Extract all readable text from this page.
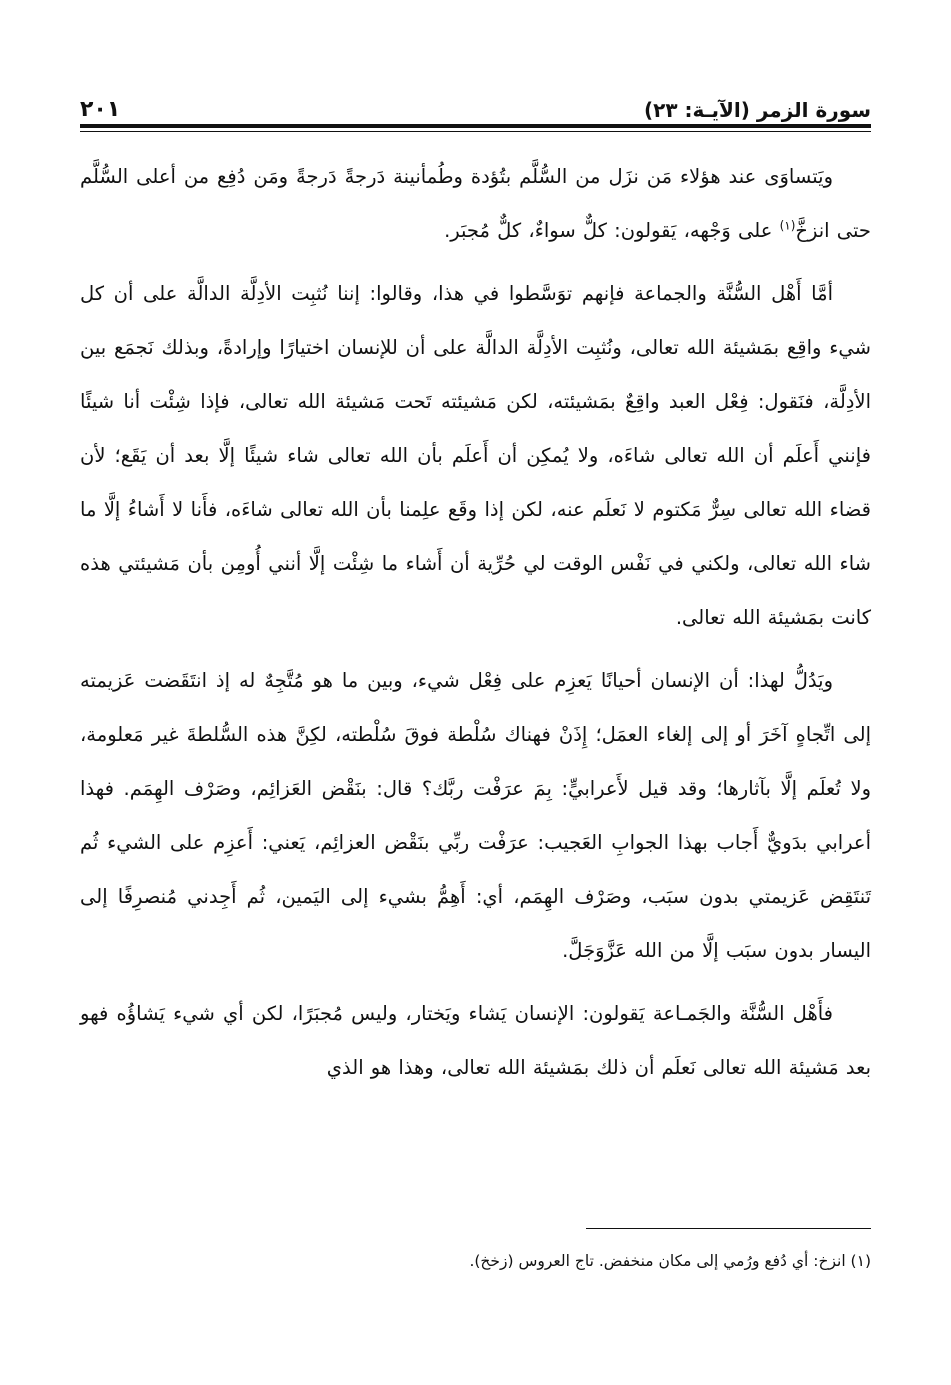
سورة الزمر (الآيـة: ٢٣)
٢٠١

ويَتساوَى عند هؤلاء مَن نزَل من السُّلَّم بتُؤدة وطُمأنينة دَرجةً دَرجةً ومَن دُفِع من أعلى السُّلَّم حتى انزخَّ$^{(١)}$ على وَجْهه، يَقولون: كلٌّ سواءٌ، كلٌّ مُجبَر.

أمَّا أَهْل السُّنَّة والجماعة فإنهم توَسَّطوا في هذا، وقالوا: إننا نُثبِت الأدِلَّة الدالَّة على أن كل شيء واقِع بمَشيئة الله تعالى، ونُثبِت الأدِلَّة الدالَّة على أن للإنسان اختيارًا وإرادةً، وبذلك نَجمَع بين الأدِلَّة، فنَقول: فِعْل العبد واقِعٌ بمَشيئته، لكن مَشيئته تَحت مَشيئة الله تعالى، فإذا شِئْت أنا شيئًا فإنني أَعلَم أن الله تعالى شاءَه، ولا يُمكِن أن أَعلَم بأن الله تعالى شاء شيئًا إلَّا بعد أن يَقَع؛ لأن قضاء الله تعالى سِرٌّ مَكتوم لا نَعلَم عنه، لكن إذا وقَع علِمنا بأن الله تعالى شاءَه، فأَنا لا أَشاءُ إلَّا ما شاء الله تعالى، ولكني في نَفْس الوقت لي حُرِّية أن أَشاء ما شِئْت إلَّا أنني أُومِن بأن مَشيئتي هذه كانت بمَشيئة الله تعالى.

ويَدُلُّ لهذا: أن الإنسان أحيانًا يَعزِم على فِعْل شيء، وبين ما هو مُتَّجِهٌ له إذ انتَقَضت عَزيمته إلى اتِّجاهٍ آخَرَ أو إلى إلغاء العمَل؛ إِذَنْ فهناك سُلْطة فوقَ سُلْطته، لكِنَّ هذه السُّلطةَ غير مَعلومة، ولا تُعلَم إلَّا بآثارها؛ وقد قيل لأَعرابيٍّ: بِمَ عرَفْت ربَّك؟ قال: بنَقْض العَزائِم، وصَرْف الهِمَم. فهذا أعرابي بدَويٌّ أَجاب بهذا الجوابِ العَجيب: عرَفْت ربِّي بنَقْض العزائِم، يَعني: أَعزِم على الشيء ثُم تَنتَقِض عَزيمتي بدون سبَب، وصَرْف الهِمَم، أي: أَهِمُّ بشيء إلى اليَمين، ثُم أَجِدني مُنصرِفًا إلى اليسار بدون سبَب إلَّا من الله عَزَّوَجَلَّ.

فأَهْل السُّنَّة والجَمـاعة يَقولون: الإنسان يَشاء ويَختار، وليس مُجبَرًا، لكن أي شيء يَشاؤُه فهو بعد مَشيئة الله تعالى نَعلَم أن ذلك بمَشيئة الله تعالى، وهذا هو الذي

(١) انزخ: أي دُفع ورُمي إلى مكان منخفض. تاج العروس (زخخ).
